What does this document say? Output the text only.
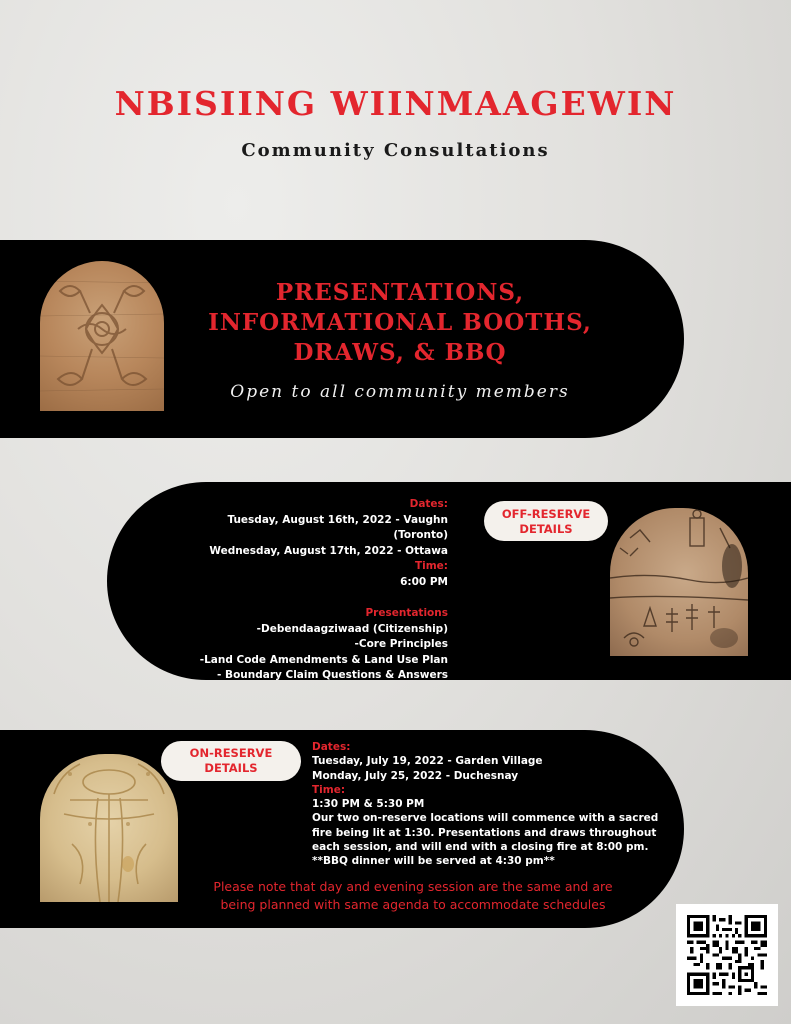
NBISIING WIINMAAGEWIN
Community Consultations
PRESENTATIONS,
INFORMATIONAL BOOTHS,
DRAWS, & BBQ
Open to all community members
Dates:
Tuesday, August 16th, 2022 - Vaughn (Toronto)
Wednesday, August 17th, 2022 - Ottawa
Time:
6:00 PM
Presentations
-Debendaagziwaad (Citizenship)
-Core Principles
-Land Code Amendments & Land Use Plan
- Boundary Claim Questions & Answers
OFF-RESERVE
DETAILS
ON-RESERVE
DETAILS
Dates:
Tuesday, July 19, 2022 - Garden Village
Monday, July 25, 2022 - Duchesnay
Time:
1:30 PM & 5:30 PM
Our two on-reserve locations will commence with a sacred
fire being lit at 1:30. Presentations and draws throughout
each session, and will end with a closing fire at 8:00 pm.
**BBQ dinner will be served at 4:30 pm**
Please note that day and evening session are the same and are
being planned with same agenda to accommodate schedules
